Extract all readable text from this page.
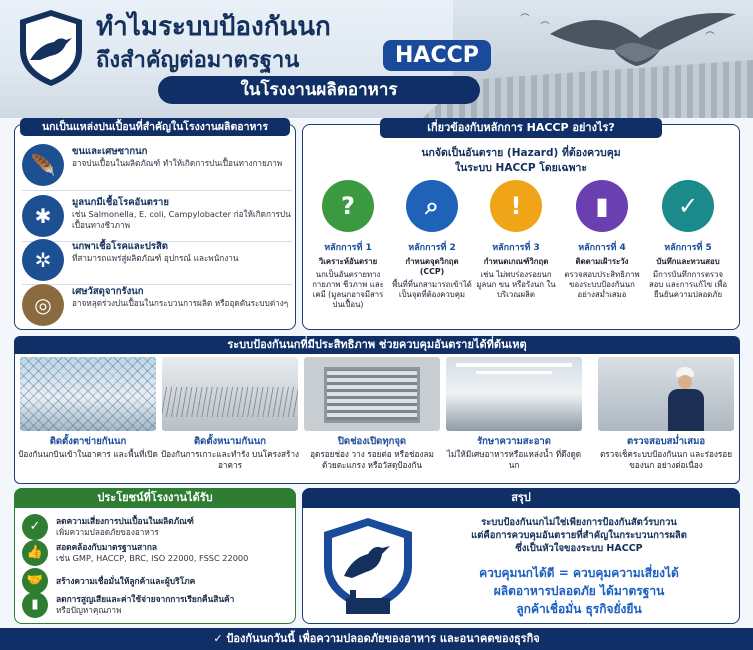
ทำไมระบบป้องกันนก
ถึงสำคัญต่อมาตรฐาน	HACCP
ในโรงงานผลิตอาหาร
︵
︵
︵
นกเป็นแหล่งปนเปื้อนที่สำคัญในโรงงานผลิตอาหาร
🪶
ขนและเศษซากนก
อาจปนเปื้อนในผลิตภัณฑ์ ทำให้เกิดการปนเปื้อนทางกายภาพ
✱
มูลนกมีเชื้อโรคอันตราย
เช่น Salmonella, E. coli, Campylobacter ก่อให้เกิดการปนเปื้อนทางชีวภาพ
✲
นกพาเชื้อโรคและปรสิต
ที่สามารถแพร่สู่ผลิตภัณฑ์ อุปกรณ์ และพนักงาน
◎
เศษวัสดุจากรังนก
อาจหลุดร่วงปนเปื้อนในกระบวนการผลิต หรืออุดตันระบบต่างๆ
เกี่ยวข้องกับหลักการ HACCP อย่างไร?
นกจัดเป็นอันตราย (Hazard) ที่ต้องควบคุม
ในระบบ HACCP โดยเฉพาะ
?
หลักการที่ 1
วิเคราะห์อันตราย
นกเป็นอันตรายทางกายภาพ ชีวภาพ และเคมี (มูลนกอาจมีสารปนเปื้อน)
⌕
หลักการที่ 2
กำหนดจุดวิกฤต (CCP)
พื้นที่ที่นกสามารถเข้าได้ เป็นจุดที่ต้องควบคุม
!
หลักการที่ 3
กำหนดเกณฑ์วิกฤต
เช่น ไม่พบร่องรอยนก มูลนก ขน หรือรังนก ในบริเวณผลิต
▮
หลักการที่ 4
ติดตามเฝ้าระวัง
ตรวจสอบประสิทธิภาพ ของระบบป้องกันนก อย่างสม่ำเสมอ
✓
หลักการที่ 5
บันทึกและทวนสอบ
มีการบันทึกการตรวจสอบ และการแก้ไข เพื่อยืนยันความปลอดภัย
ระบบป้องกันนกที่มีประสิทธิภาพ ช่วยควบคุมอันตรายได้ที่ต้นเหตุ
ติดตั้งตาข่ายกันนก
ป้องกันนกบินเข้าในอาคาร และพื้นที่เปิด
ติดตั้งหนามกันนก
ป้องกันการเกาะและทำรัง บนโครงสร้างอาคาร
ปิดช่องเปิดทุกจุด
อุดรอยช่อง วาง รอยต่อ หรือช่องลม ด้วยตะแกรง หรือวัสดุป้องกัน
รักษาความสะอาด
ไม่ให้มีเศษอาหารหรือแหล่งน้ำ ที่ดึงดูดนก
ตรวจสอบสม่ำเสมอ
ตรวจเช็คระบบป้องกันนก และร่องรอยของนก อย่างต่อเนื่อง
ประโยชน์ที่โรงงานได้รับ
✓	ลดความเสี่ยงการปนเปื้อนในผลิตภัณฑ์
เพิ่มความปลอดภัยของอาหาร
👍	สอดคล้องกับมาตรฐานสากล
เช่น GMP, HACCP, BRC, ISO 22000, FSSC 22000
🤝	สร้างความเชื่อมั่นให้ลูกค้าและผู้บริโภค
▮	ลดการสูญเสียและค่าใช้จ่ายจากการเรียกคืนสินค้า
หรือปัญหาคุณภาพ
สรุป
ระบบป้องกันนกไม่ใช่เพียงการป้องกันสัตว์รบกวน
แต่คือการควบคุมอันตรายที่สำคัญในกระบวนการผลิต
ซึ่งเป็นหัวใจของระบบ HACCP
ควบคุมนกได้ดี = ควบคุมความเสี่ยงได้
ผลิตอาหารปลอดภัย ได้มาตรฐาน
ลูกค้าเชื่อมั่น ธุรกิจยั่งยืน
✓ ป้องกันนกวันนี้ เพื่อความปลอดภัยของอาหาร และอนาคตของธุรกิจ
